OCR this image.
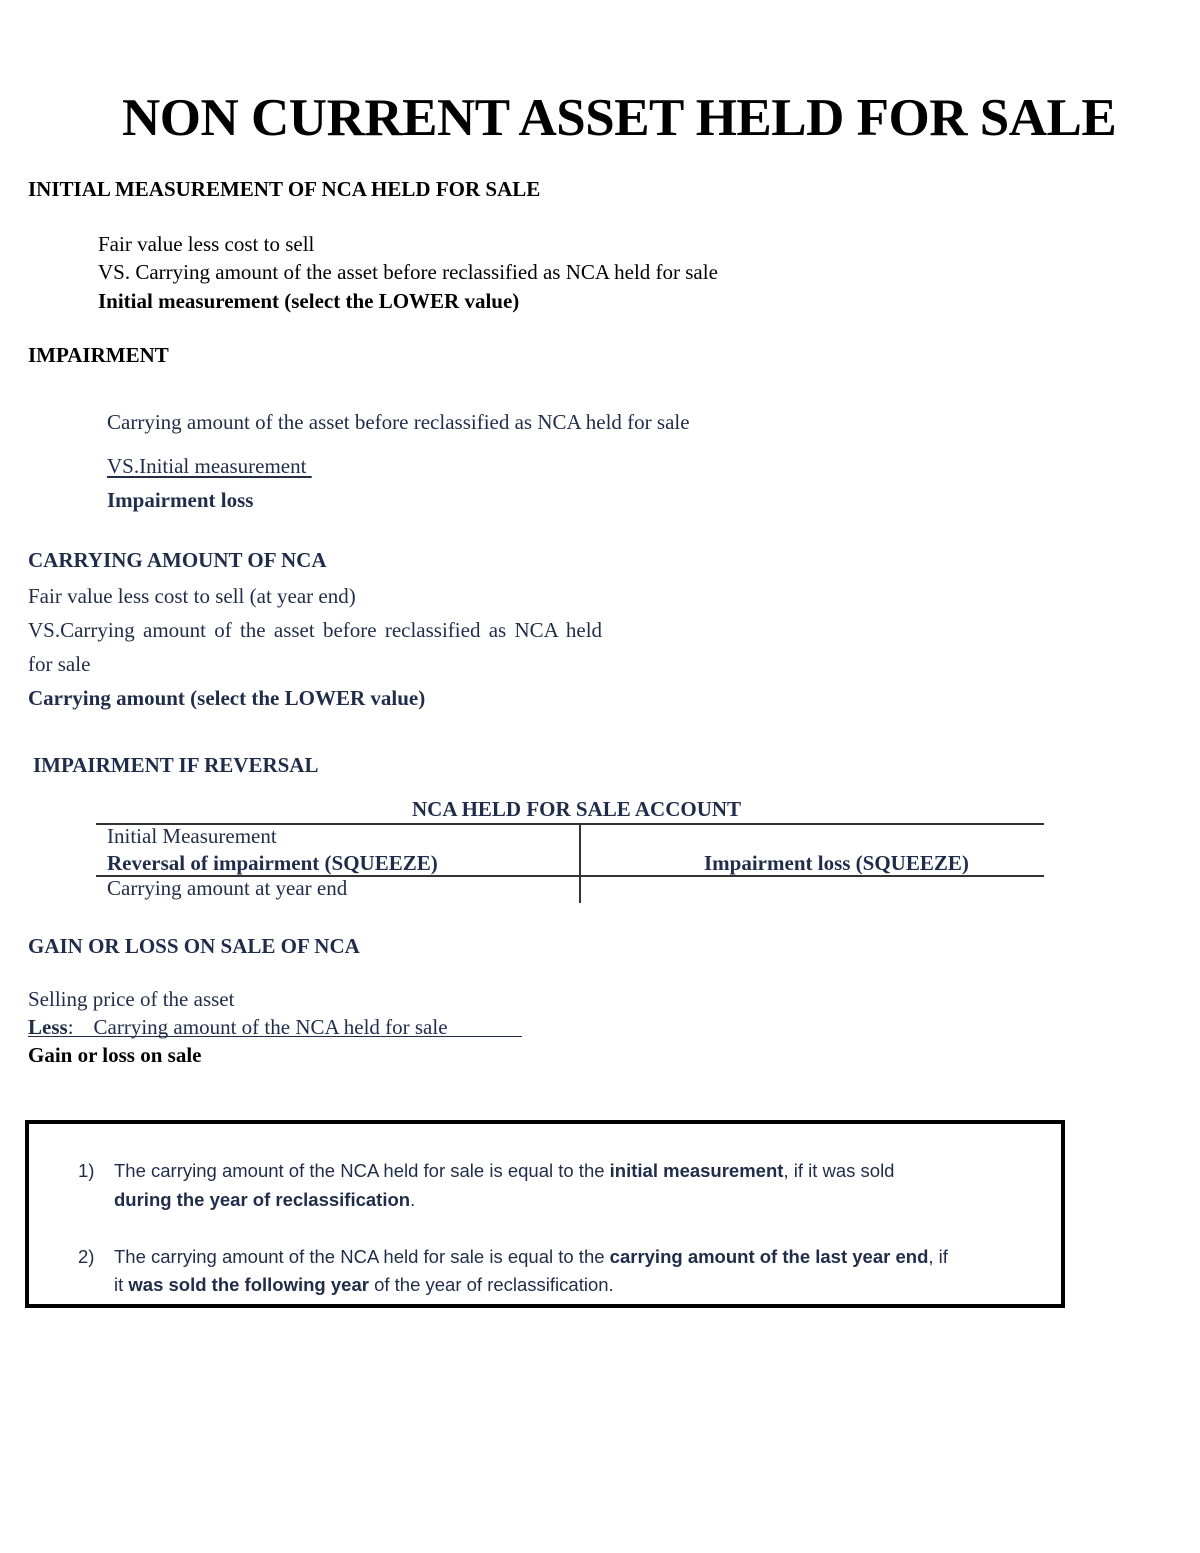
NON CURRENT ASSET HELD FOR SALE
INITIAL MEASUREMENT OF NCA HELD FOR SALE
Fair value less cost to sell
VS. Carrying amount of the asset before reclassified as NCA held for sale
Initial measurement (select the LOWER value)
IMPAIRMENT
Carrying amount of the asset before reclassified as NCA held for sale
VS.Initial measurement
Impairment loss
CARRYING AMOUNT OF NCA
Fair value less cost to sell (at year end)
VS.Carrying amount of the asset before reclassified as NCA held
for sale
Carrying amount (select the LOWER value)
IMPAIRMENT IF REVERSAL
NCA HELD FOR SALE ACCOUNT
Initial Measurement
Reversal of impairment (SQUEEZE)	Impairment loss (SQUEEZE)
Carrying amount at year end
GAIN OR LOSS ON SALE OF NCA
Selling price of the asset
Less: Carrying amount of the NCA held for sale
Gain or loss on sale
1) The carrying amount of the NCA held for sale is equal to the initial measurement, if it was sold
during the year of reclassification.
2) The carrying amount of the NCA held for sale is equal to the carrying amount of the last year end, if
it was sold the following year of the year of reclassification.
